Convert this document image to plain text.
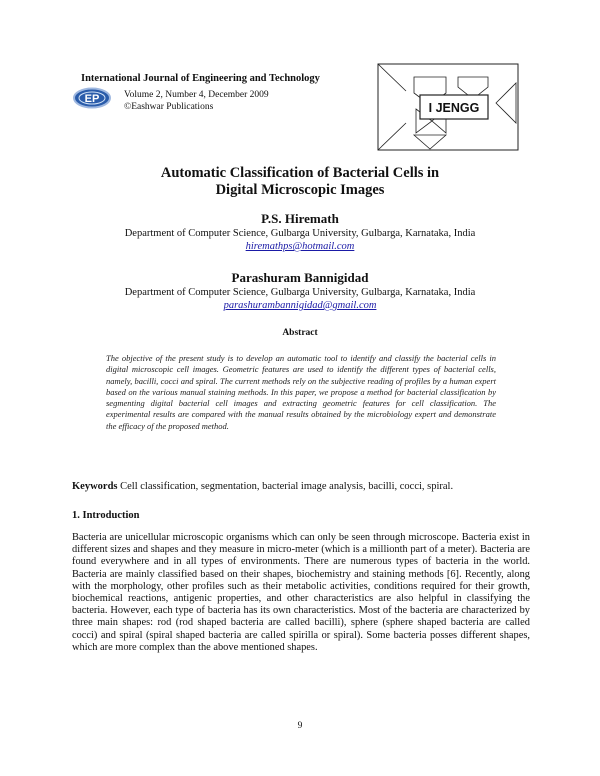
International Journal of Engineering and Technology
EP	Volume 2, Number 4, December 2009
©Eashwar Publications	I JENGG
Automatic Classification of Bacterial Cells in
Digital Microscopic Images
P.S. Hiremath
Department of Computer Science, Gulbarga University, Gulbarga, Karnataka, India
hiremathps@hotmail.com
Parashuram Bannigidad
Department of Computer Science, Gulbarga University, Gulbarga, Karnataka, India
parashurambannigidad@gmail.com
Abstract
The objective of the present study is to develop an automatic tool to identify and classify the bacterial cells in digital microscopic cell images. Geometric features are used to identify the different types of bacterial cells, namely, bacilli, cocci and spiral. The current methods rely on the subjective reading of profiles by a human expert based on the various manual staining methods. In this paper, we propose a method for bacterial classification by segmenting digital bacterial cell images and extracting geometric features for cell classification. The experimental results are compared with the manual results obtained by the microbiology expert and demonstrate the efficacy of the proposed method.
Keywords Cell classification, segmentation, bacterial image analysis, bacilli, cocci, spiral.
1. Introduction
Bacteria are unicellular microscopic organisms which can only be seen through microscope. Bacteria exist in different sizes and shapes and they measure in micro-meter (which is a millionth part of a meter). Bacteria are found everywhere and in all types of environments. There are numerous types of bacteria in the world. Bacteria are mainly classified based on their shapes, biochemistry and staining methods [6]. Recently, along with the morphology, other profiles such as their metabolic activities, conditions required for their growth, biochemical reactions, antigenic properties, and other characteristics are also helpful in classifying the bacteria. However, each type of bacteria has its own characteristics. Most of the bacteria are characterized by three main shapes: rod (rod shaped bacteria are called bacilli), sphere (sphere shaped bacteria are called cocci) and spiral (spiral shaped bacteria are called spirilla or spiral). Some bacteria posses different shapes, which are more complex than the above mentioned shapes.
9
